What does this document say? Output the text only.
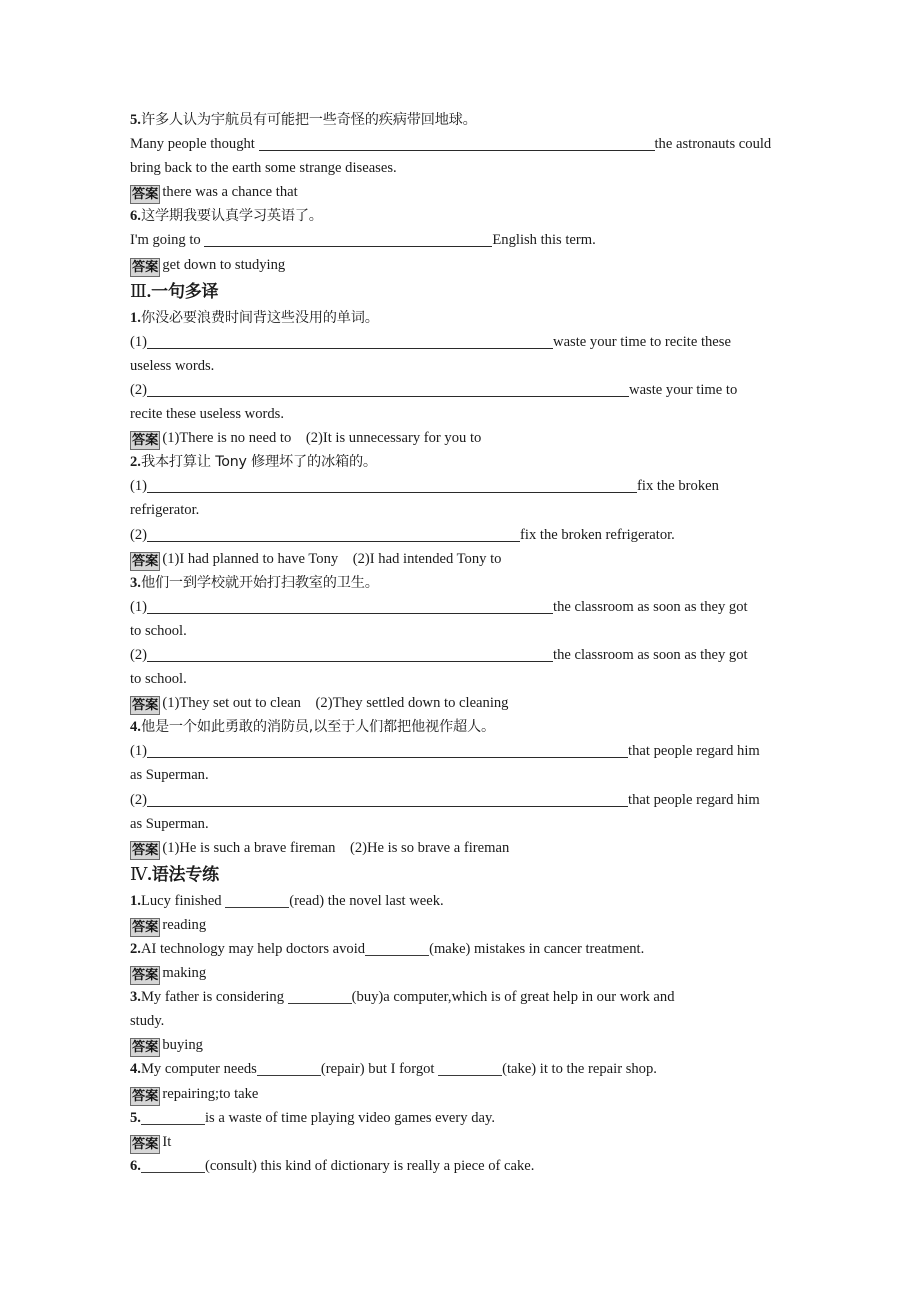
5.许多人认为宇航员有可能把一些奇怪的疾病带回地球。
Many people thought	the astronauts could
bring back to the earth some strange diseases.
答案 there was a chance that
6.这学期我要认真学习英语了。
I'm going to	English this term.
答案 get down to studying
Ⅲ.一句多译
1.你没必要浪费时间背这些没用的单词。
(1)	waste your time to recite these
useless words.
(2)	waste your time to
recite these useless words.
答案 (1)There is no need to　(2)It is unnecessary for you to
2.我本打算让 Tony 修理坏了的冰箱的。
(1)	fix the broken
refrigerator.
(2)	fix the broken refrigerator.
答案 (1)I had planned to have Tony　(2)I had intended Tony to
3.他们一到学校就开始打扫教室的卫生。
(1)	the classroom as soon as they got
to school.
(2)	the classroom as soon as they got
to school.
答案 (1)They set out to clean　(2)They settled down to cleaning
4.他是一个如此勇敢的消防员,以至于人们都把他视作超人。
(1)	that people regard him
as Superman.
(2)	that people regard him
as Superman.
答案 (1)He is such a brave fireman　(2)He is so brave a fireman
Ⅳ.语法专练
1.Lucy finished	(read) the novel last week.
答案 reading
2.AI technology may help doctors avoid	(make) mistakes in cancer treatment.
答案 making
3.My father is considering	(buy)a computer,which is of great help in our work and
study.
答案 buying
4.My computer needs	(repair) but I forgot	(take) it to the repair shop.
答案 repairing;to take
5.	is a waste of time playing video games every day.
答案 It
6.	(consult) this kind of dictionary is really a piece of cake.
